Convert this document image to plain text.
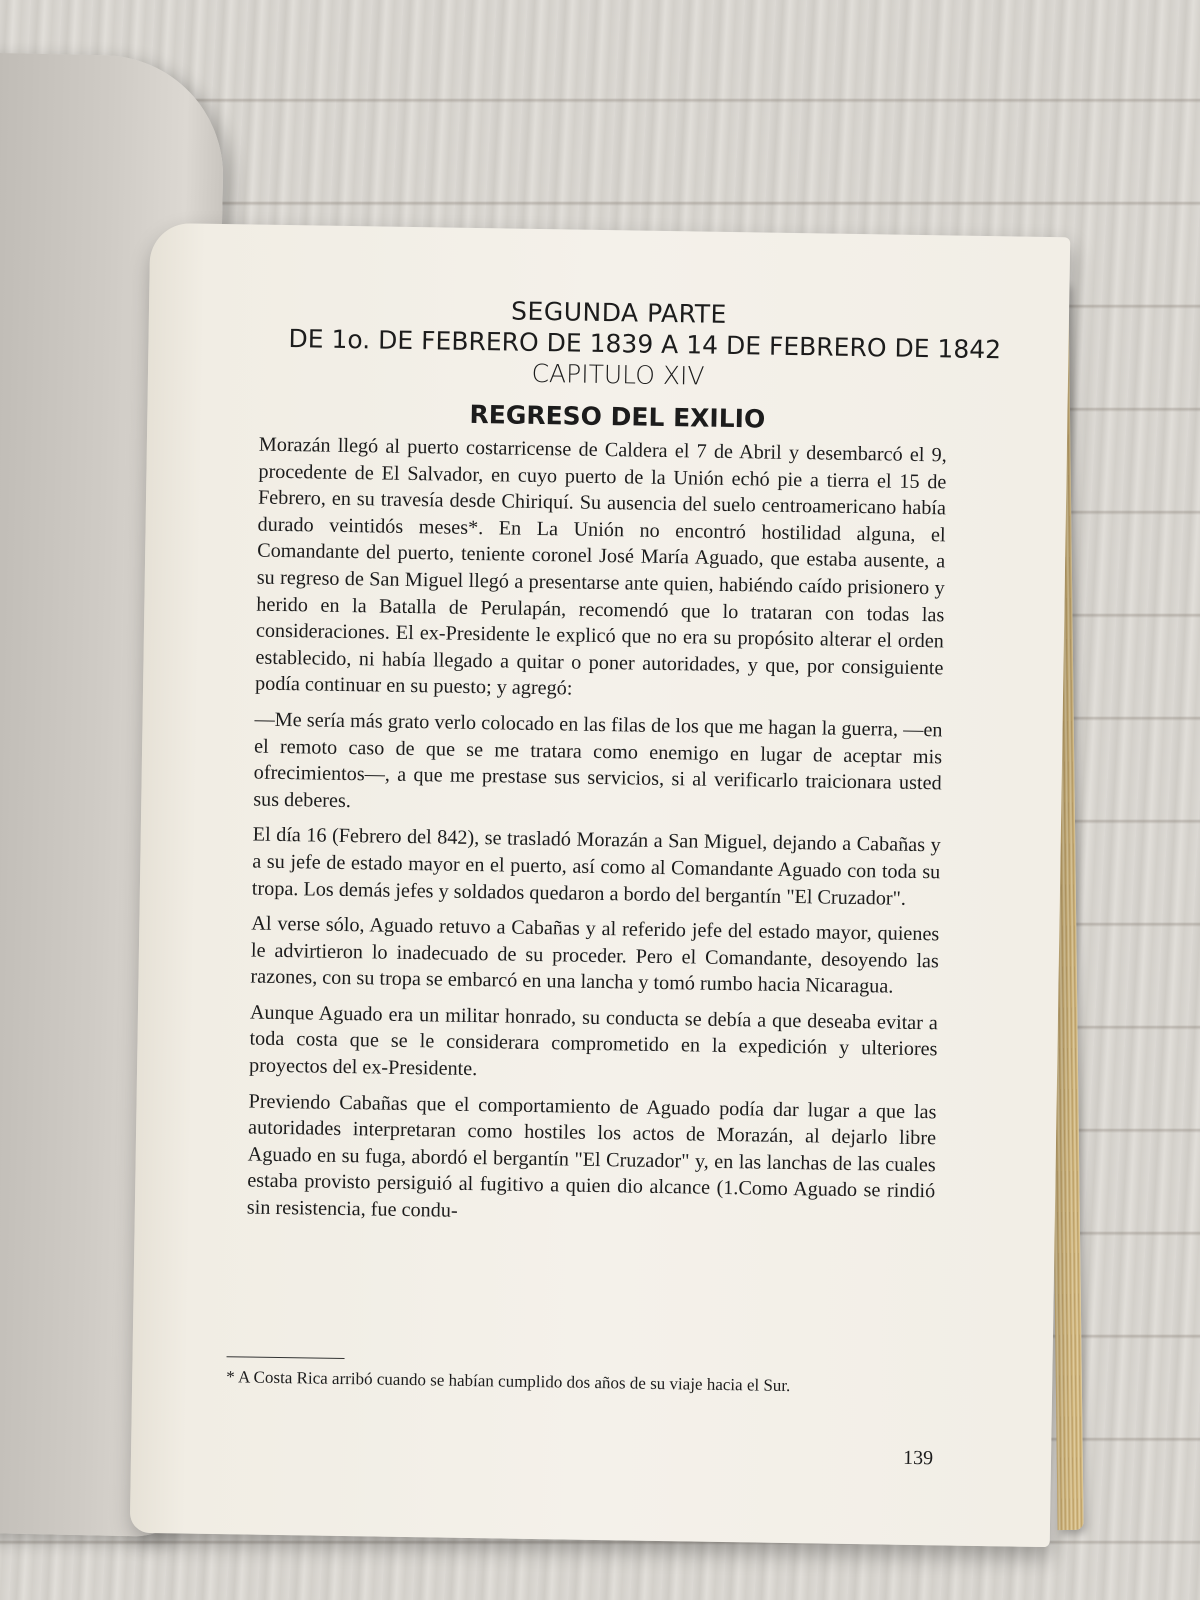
SEGUNDA PARTE
DE 1o. DE FEBRERO DE 1839 A 14 DE FEBRERO DE 1842
CAPITULO XIV
REGRESO DEL EXILIO

Morazán llegó al puerto costarricense de Caldera el 7 de Abril y desembarcó el 9, procedente de El Salvador, en cuyo puerto de la Unión echó pie a tierra el 15 de Febrero, en su travesía desde Chiriquí. Su ausencia del suelo centroamericano había durado veintidós meses*. En La Unión no encontró hostilidad alguna, el Comandante del puerto, teniente coronel José María Aguado, que estaba ausente, a su regreso de San Miguel llegó a presentarse ante quien, habiéndo caído prisionero y herido en la Batalla de Perulapán, recomendó que lo trataran con todas las consideraciones. El ex-Presidente le explicó que no era su propósito alterar el orden establecido, ni había llegado a quitar o poner autoridades, y que, por consiguiente podía continuar en su puesto; y agregó:

—Me sería más grato verlo colocado en las filas de los que me hagan la guerra, —en el remoto caso de que se me tratara como enemigo en lugar de aceptar mis ofrecimientos—, a que me prestase sus servicios, si al verificarlo traicionara usted sus deberes.

El día 16 (Febrero del 842), se trasladó Morazán a San Miguel, dejando a Cabañas y a su jefe de estado mayor en el puerto, así como al Comandante Aguado con toda su tropa. Los demás jefes y soldados quedaron a bordo del bergantín "El Cruzador".

Al verse sólo, Aguado retuvo a Cabañas y al referido jefe del estado mayor, quienes le advirtieron lo inadecuado de su proceder. Pero el Comandante, desoyendo las razones, con su tropa se embarcó en una lancha y tomó rumbo hacia Nicaragua.

Aunque Aguado era un militar honrado, su conducta se debía a que deseaba evitar a toda costa que se le considerara comprometido en la expedición y ulteriores proyectos del ex-Presidente.

Previendo Cabañas que el comportamiento de Aguado podía dar lugar a que las autoridades interpretaran como hostiles los actos de Morazán, al dejarlo libre Aguado en su fuga, abordó el bergantín "El Cruzador" y, en las lanchas de las cuales estaba provisto persiguió al fugitivo a quien dio alcance (1.Como Aguado se rindió sin resistencia, fue condu-

* A Costa Rica arribó cuando se habían cumplido dos años de su viaje hacia el Sur.
139
